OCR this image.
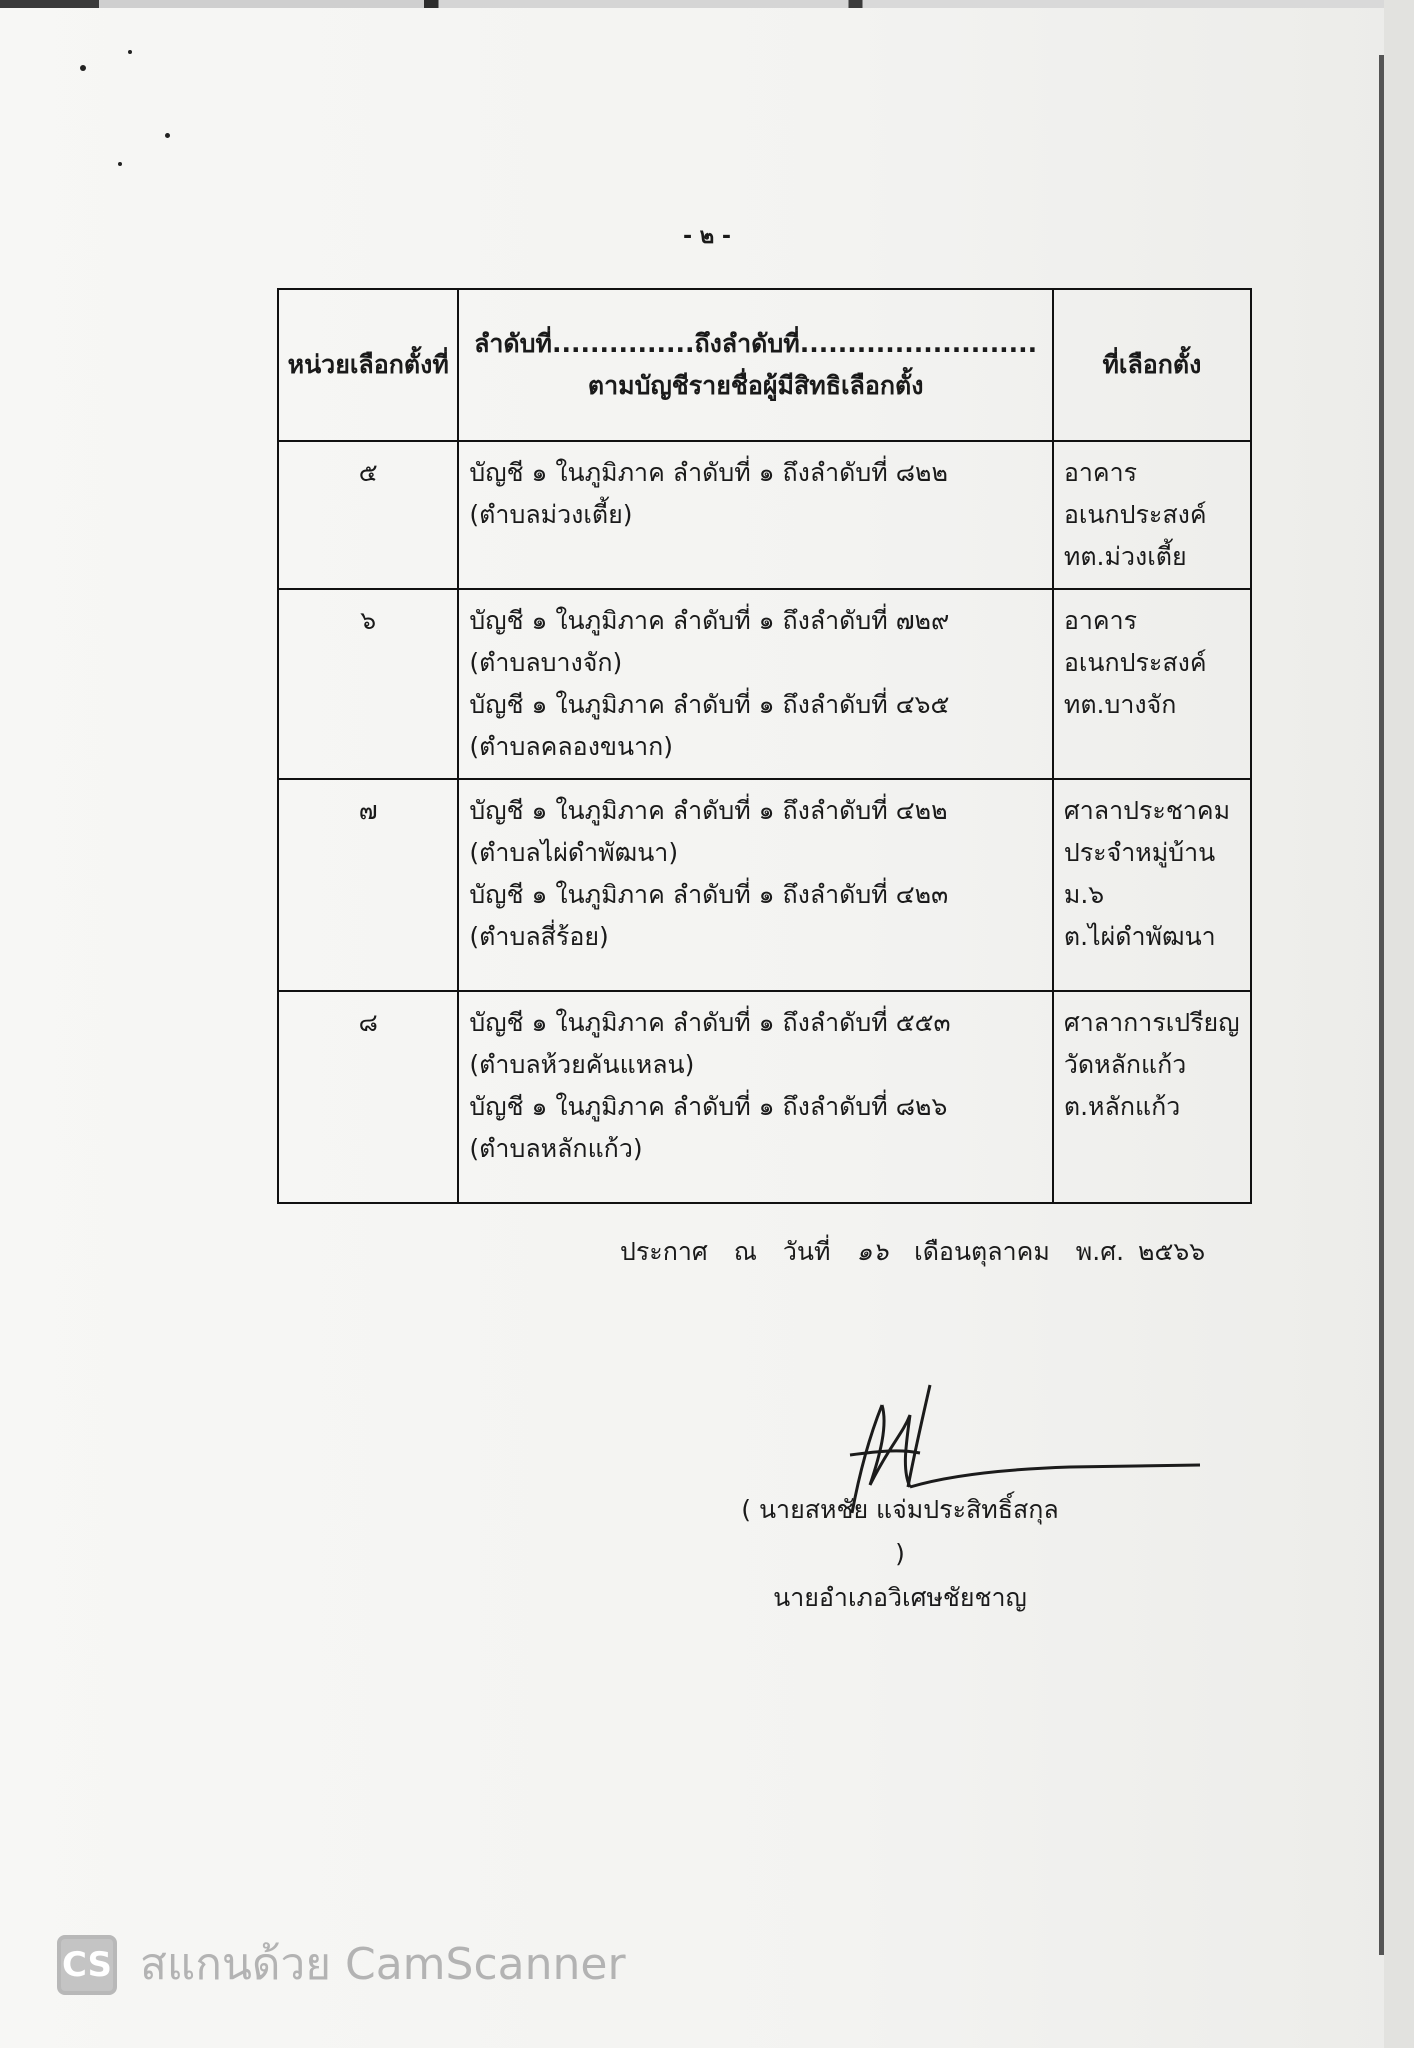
- ๒ -
หน่วยเลือกตั้งที่	ลำดับที่...............ถึงลำดับที่.........................
ตามบัญชีรายชื่อผู้มีสิทธิเลือกตั้ง	ที่เลือกตั้ง

๕	บัญชี ๑ ในภูมิภาค ลำดับที่ ๑ ถึงลำดับที่ ๘๒๒
(ตำบลม่วงเตี้ย)	อาคาร
อเนกประสงค์
ทต.ม่วงเตี้ย

๖	บัญชี ๑ ในภูมิภาค ลำดับที่ ๑ ถึงลำดับที่ ๗๒๙
(ตำบลบางจัก)
บัญชี ๑ ในภูมิภาค ลำดับที่ ๑ ถึงลำดับที่ ๔๖๕
(ตำบลคลองขนาก)	อาคาร
อเนกประสงค์
ทต.บางจัก

๗	บัญชี ๑ ในภูมิภาค ลำดับที่ ๑ ถึงลำดับที่ ๔๒๒
(ตำบลไผ่ดำพัฒนา)
บัญชี ๑ ในภูมิภาค ลำดับที่ ๑ ถึงลำดับที่ ๔๒๓
(ตำบลสี่ร้อย)	ศาลาประชาคม
ประจำหมู่บ้าน
ม.๖
ต.ไผ่ดำพัฒนา

๘	บัญชี ๑ ในภูมิภาค ลำดับที่ ๑ ถึงลำดับที่ ๕๕๓
(ตำบลห้วยคันแหลน)
บัญชี ๑ ในภูมิภาค ลำดับที่ ๑ ถึงลำดับที่ ๘๒๖
(ตำบลหลักแก้ว)	ศาลาการเปรียญ
วัดหลักแก้ว
ต.หลักแก้ว
ประกาศ ณ วันที่ ๑๖ เดือนตุลาคม พ.ศ. ๒๕๖๖
( นายสหชัย แจ่มประสิทธิ์สกุล )
นายอำเภอวิเศษชัยชาญ
CS สแกนด้วย CamScanner
